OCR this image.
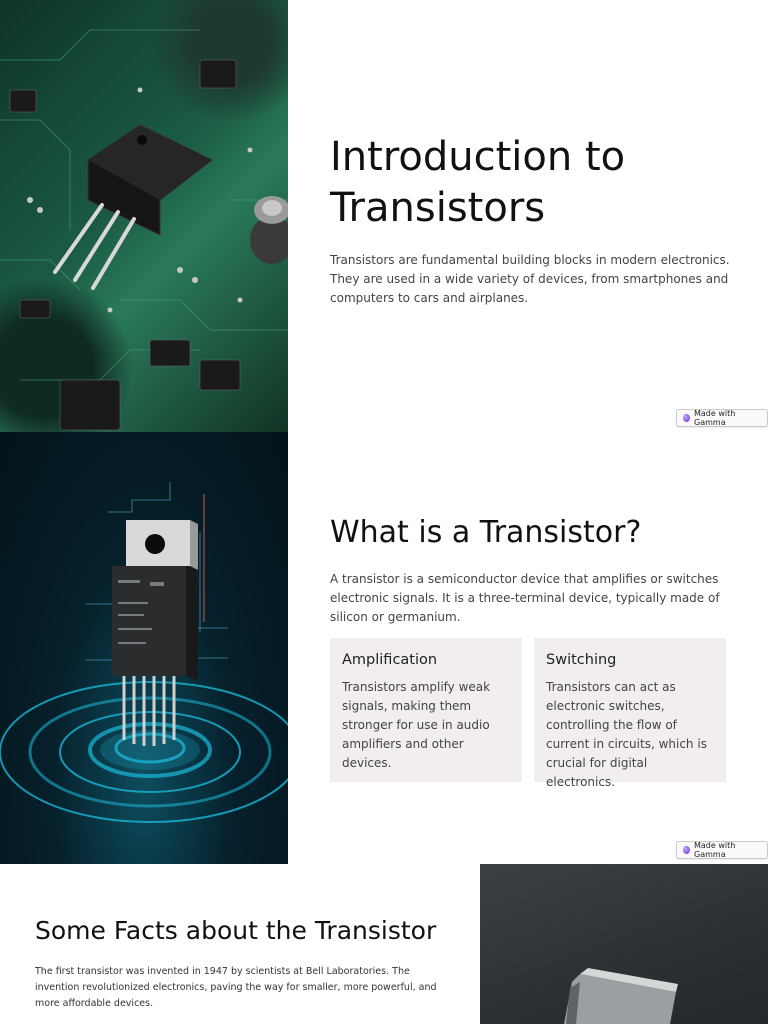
Introduction to Transistors
Transistors are fundamental building blocks in modern electronics. They are used in a wide variety of devices, from smartphones and computers to cars and airplanes.
Made with Gamma
What is a Transistor?
A transistor is a semiconductor device that amplifies or switches electronic signals. It is a three-terminal device, typically made of silicon or germanium.
Amplification
Transistors amplify weak signals, making them stronger for use in audio amplifiers and other devices.
Switching
Transistors can act as electronic switches, controlling the flow of current in circuits, which is crucial for digital electronics.
Made with Gamma
Some Facts about the Transistor
The first transistor was invented in 1947 by scientists at Bell Laboratories. The invention revolutionized electronics, paving the way for smaller, more powerful, and more affordable devices.
